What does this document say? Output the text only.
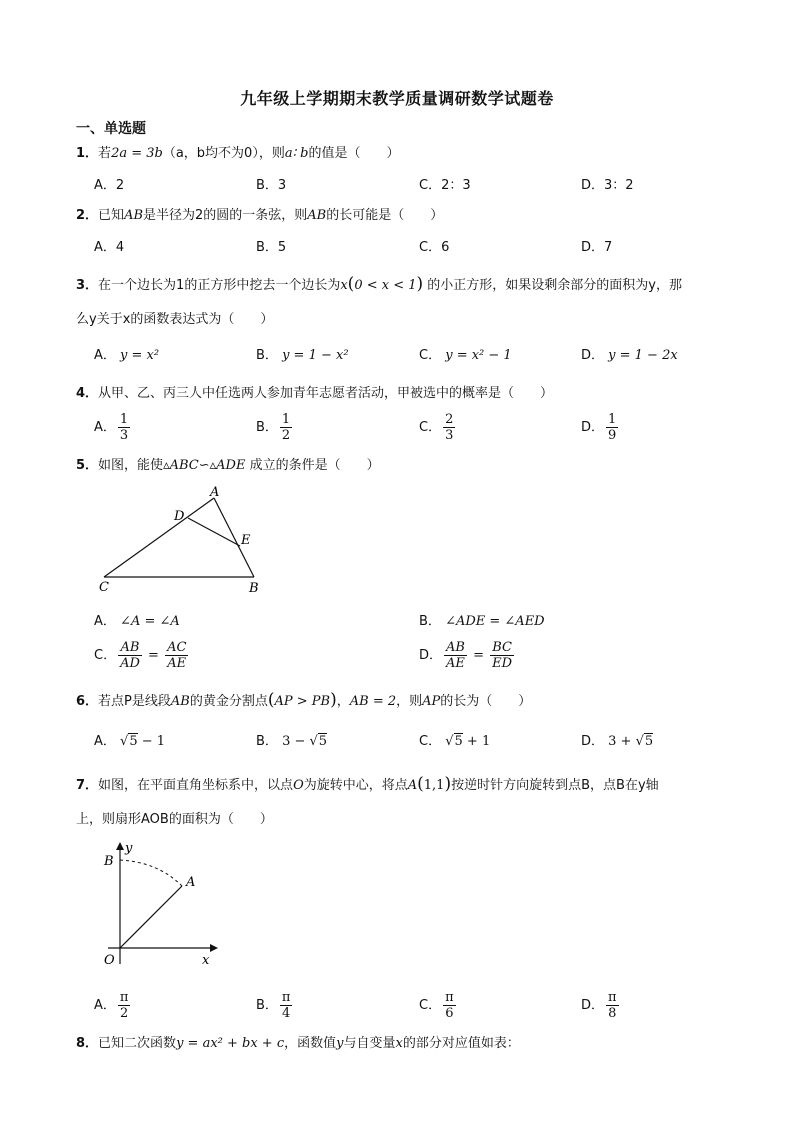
九年级上学期期末教学质量调研数学试题卷
一、单选题
1．若2a = 3b（a，b均不为0），则a∶ b的值是（　　）
A．2	B．3	C．2：3	D．3：2
2．已知AB是半径为2的圆的一条弦，则AB的长可能是（　　）
A．4	B．5	C．6	D．7
3．在一个边长为1的正方形中挖去一个边长为x(0 < x < 1) 的小正方形，如果设剩余部分的面积为y，那
么y关于x的函数表达式为（　　）
A． y = x²	B． y = 1 − x²	C． y = x² − 1	D． y = 1 − 2x
4．从甲、乙、丙三人中任选两人参加青年志愿者活动，甲被选中的概率是（　　）
A． $\frac{1}{3}$	B． $\frac{1}{2}$	C． $\frac{2}{3}$	D． $\frac{1}{9}$
5．如图，能使▵ABC∽▵ADE 成立的条件是（　　）
A
D
E
C	B
A． ∠A = ∠A	B． ∠ADE = ∠AED
C． $\frac{AB}{AD} = \frac{AC}{AE}$	D． $\frac{AB}{AE} = \frac{BC}{ED}$
6．若点P是线段AB的黄金分割点(AP > PB)，AB = 2，则AP的长为（　　）
A． √5 − 1	B． 3 − √5	C． √5 + 1	D． 3 + √5
7．如图，在平面直角坐标系中，以点O为旋转中心，将点A(1,1)按逆时针方向旋转到点B，点B在y轴
上，则扇形AOB的面积为（　　）
y
B
A
O	x
A． $\frac{\pi}{2}$	B． $\frac{\pi}{4}$	C． $\frac{\pi}{6}$	D． $\frac{\pi}{8}$
8．已知二次函数y = ax² + bx + c，函数值y与自变量x的部分对应值如表：
